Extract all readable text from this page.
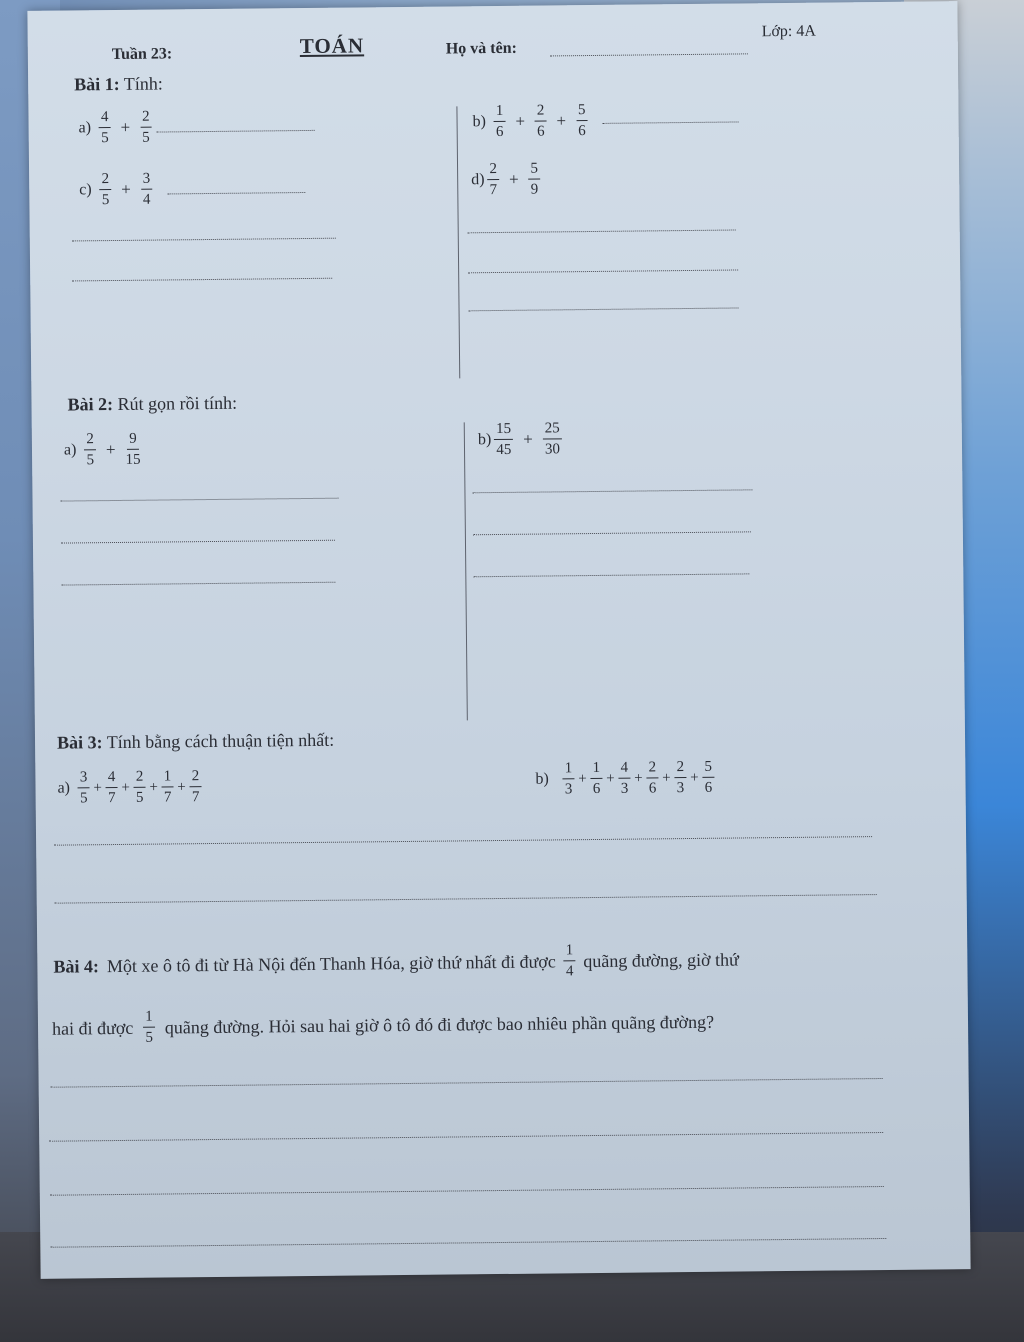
Tuần 23:	TOÁN	Họ và tên:
Lớp: 4A
Bài 1: Tính:
$a) \frac{4}{5} + \frac{2}{5}$	$b) \frac{1}{6} + \frac{2}{6} + \frac{5}{6}$
$c) \frac{2}{5} + \frac{3}{4}$	$d) \frac{2}{7} + \frac{5}{9}$
Bài 2: Rút gọn rồi tính:
$a) \frac{2}{5} + \frac{9}{15}$	$b) \frac{15}{45} + \frac{25}{30}$
Bài 3: Tính bằng cách thuận tiện nhất:
$a) \frac{3}{5} + \frac{4}{7} + \frac{2}{5} + \frac{1}{7} + \frac{2}{7}$	$b) \frac{1}{3} + \frac{1}{6} + \frac{4}{3} + \frac{2}{6} + \frac{2}{3} + \frac{5}{6}$
Bài 4: Một xe ô tô đi từ Hà Nội đến Thanh Hóa, giờ thứ nhất đi được $\frac{1}{4}$ quãng đường, giờ thứ
hai đi được $\frac{1}{5}$ quãng đường. Hỏi sau hai giờ ô tô đó đi được bao nhiêu phần quãng đường?
